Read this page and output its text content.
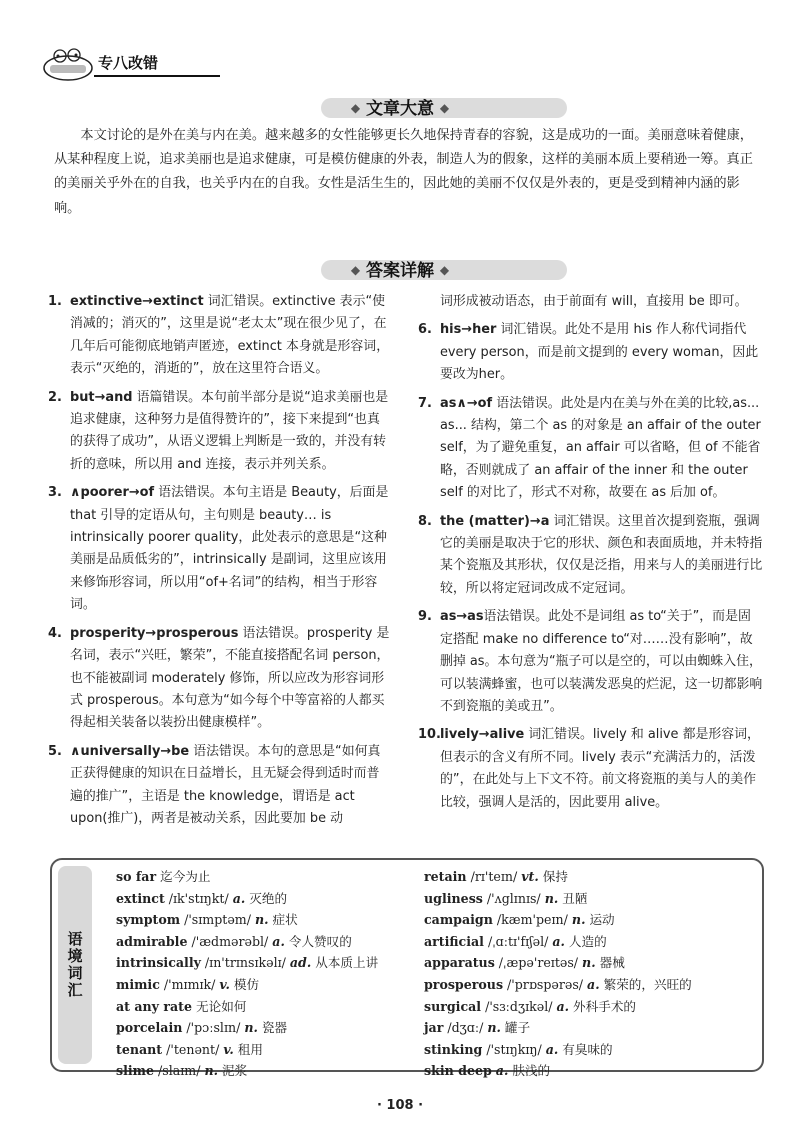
专八改错
◆ 文章大意 ◆

本文讨论的是外在美与内在美。越来越多的女性能够更长久地保持青春的容貌，这是成功的一面。美丽意味着健康，从某种程度上说，追求美丽也是追求健康，可是模仿健康的外表，制造人为的假象，这样的美丽本质上要稍逊一筹。真正的美丽关乎外在的自我，也关乎内在的自我。女性是活生生的，因此她的美丽不仅仅是外表的，更是受到精神内涵的影响。

◆ 答案详解 ◆
1. extinctive→extinct 词汇错误。extinctive 表示“使消减的；消灭的”，这里是说“老太太”现在很少见了，在几年后可能彻底地销声匿迹，extinct 本身就是形容词，表示“灭绝的，消逝的”，放在这里符合语义。
2. but→and 语篇错误。本句前半部分是说“追求美丽也是追求健康，这种努力是值得赞许的”，接下来提到“也真的获得了成功”，从语义逻辑上判断是一致的，并没有转折的意味，所以用 and 连接，表示并列关系。
3. ∧poorer→of 语法错误。本句主语是 Beauty，后面是 that 引导的定语从句，主句则是 beauty… is intrinsically poorer quality，此处表示的意思是“这种美丽是品质低劣的”，intrinsically 是副词，这里应该用来修饰形容词，所以用“of+名词”的结构，相当于形容词。
4. prosperity→prosperous 语法错误。prosperity 是名词，表示“兴旺，繁荣”，不能直接搭配名词 person，也不能被副词 moderately 修饰，所以应改为形容词形式 prosperous。本句意为“如今每个中等富裕的人都买得起相关装备以装扮出健康模样”。
5. ∧universally→be 语法错误。本句的意思是“如何真正获得健康的知识在日益增长，且无疑会得到适时而普遍的推广”，主语是 the knowledge，谓语是 act upon(推广)，两者是被动关系，因此要加 be 动
词形成被动语态，由于前面有 will，直接用 be 即可。
6. his→her 词汇错误。此处不是用 his 作人称代词指代 every person，而是前文提到的 every woman，因此要改为her。
7. as∧→of 语法错误。此处是内在美与外在美的比较,as... as... 结构，第二个 as 的对象是 an affair of the outer self，为了避免重复，an affair 可以省略，但 of 不能省略，否则就成了 an affair of the inner 和 the outer self 的对比了，形式不对称，故要在 as 后加 of。
8. the (matter)→a 词汇错误。这里首次提到瓷瓶，强调它的美丽是取决于它的形状、颜色和表面质地，并未特指某个瓷瓶及其形状，仅仅是泛指，用来与人的美丽进行比较，所以将定冠词改成不定冠词。
9. as→as语法错误。此处不是词组 as to“关于”，而是固定搭配 make no difference to“对……没有影响”，故删掉 as。本句意为“瓶子可以是空的，可以由蜘蛛入住，可以装满蜂蜜，也可以装满发恶臭的烂泥，这一切都影响不到瓷瓶的美或丑”。
10. lively→alive 词汇错误。lively 和 alive 都是形容词，但表示的含义有所不同。lively 表示“充满活力的，活泼的”，在此处与上下文不符。前文将瓷瓶的美与人的美作比较，强调人是活的，因此要用 alive。
语境词汇
so far 迄今为止
extinct /ɪk'stɪŋkt/ a. 灭绝的
symptom /'sɪmptəm/ n. 症状
admirable /'ædmərəbl/ a. 令人赞叹的
intrinsically /ɪn'trɪnsɪkəlɪ/ ad. 从本质上讲
mimic /'mɪmɪk/ v. 模仿
at any rate 无论如何
porcelain /'pɔːslɪn/ n. 瓷器
tenant /'tenənt/ v. 租用
slime /slaɪm/ n. 泥浆
retain /rɪ'teɪn/ vt. 保持
ugliness /'ʌglɪnɪs/ n. 丑陋
campaign /kæm'peɪn/ n. 运动
artificial /ˌɑːtɪ'fɪʃəl/ a. 人造的
apparatus /ˌæpə'reɪtəs/ n. 器械
prosperous /'prɒspərəs/ a. 繁荣的，兴旺的
surgical /'sɜːdʒɪkəl/ a. 外科手术的
jar /dʒɑː/ n. 罐子
stinking /'stɪŋkɪŋ/ a. 有臭味的
skin deep a. 肤浅的
· 108 ·
